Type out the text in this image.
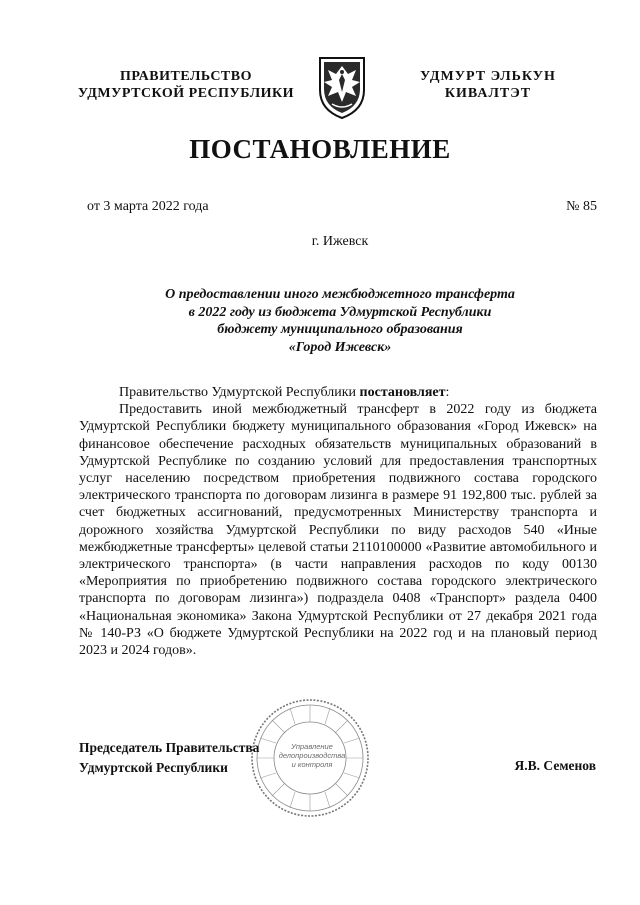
ПРАВИТЕЛЬСТВО
УДМУРТСКОЙ РЕСПУБЛИКИ
УДМУРТ ЭЛЬКУН
КИВАЛТЭТ
ПОСТАНОВЛЕНИЕ
от 3 марта 2022 года	№ 85
г. Ижевск
О предоставлении иного межбюджетного трансферта
в 2022 году из бюджета Удмуртской Республики
бюджету муниципального образования
«Город Ижевск»

Правительство Удмуртской Республики постановляет:

Предоставить иной межбюджетный трансферт в 2022 году из бюджета Удмуртской Республики бюджету муниципального образования «Город Ижевск» на финансовое обеспечение расходных обязательств муниципальных образований в Удмуртской Республике по созданию условий для предоставления транспортных услуг населению посредством приобретения подвижного состава городского электрического транспорта по договорам лизинга в размере 91 192,800 тыс. рублей за счет бюджетных ассигнований, предусмотренных Министерству транспорта и дорожного хозяйства Удмуртской Республики по виду расходов 540 «Иные межбюджетные трансферты» целевой статьи 2110100000 «Развитие автомобильного и электрического транспорта» (в части направления расходов по коду 00130 «Мероприятия по приобретению подвижного состава городского электрического транспорта по договорам лизинга») подраздела 0408 «Транспорт» раздела 0400 «Национальная экономика» Закона Удмуртской Республики от 27 декабря 2021 года № 140-РЗ «О бюджете Удмуртской Республики на 2022 год и на плановый период 2023 и 2024 годов».

Управление
делопроизводства
и контроля
Председатель Правительства
Удмуртской Республики	Я.В. Семенов
